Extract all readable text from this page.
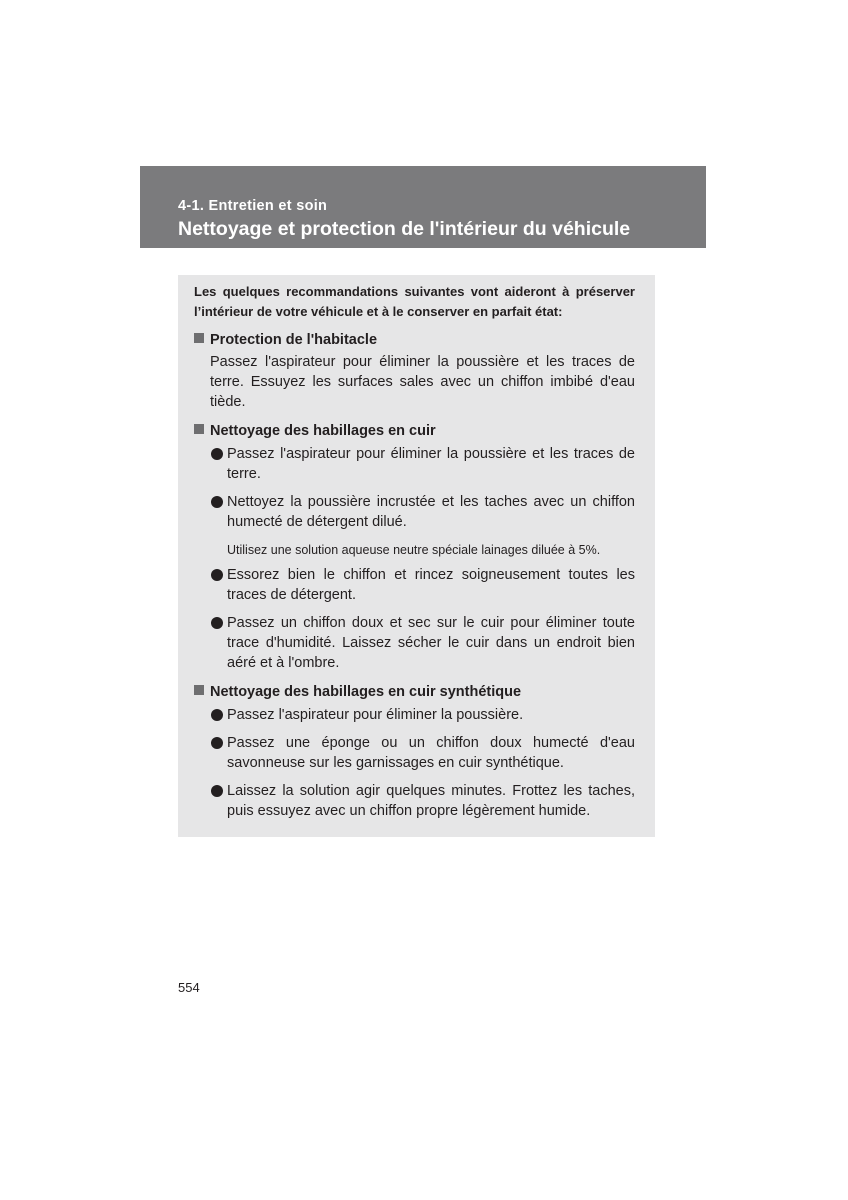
4-1. Entretien et soin
Nettoyage et protection de l'intérieur du véhicule
Les quelques recommandations suivantes vont aideront à préserver l’intérieur de votre véhicule et à le conserver en parfait état:
Protection de l'habitacle
Passez l'aspirateur pour éliminer la poussière et les traces de terre. Essuyez les surfaces sales avec un chiffon imbibé d'eau tiède.
Nettoyage des habillages en cuir
Passez l'aspirateur pour éliminer la poussière et les traces de terre.
Nettoyez la poussière incrustée et les taches avec un chiffon humecté de détergent dilué.
Utilisez une solution aqueuse neutre spéciale lainages diluée à 5%.
Essorez bien le chiffon et rincez soigneusement toutes les traces de détergent.
Passez un chiffon doux et sec sur le cuir pour éliminer toute trace d'humidité. Laissez sécher le cuir dans un endroit bien aéré et à l'ombre.
Nettoyage des habillages en cuir synthétique
Passez l'aspirateur pour éliminer la poussière.
Passez une éponge ou un chiffon doux humecté d'eau savonneuse sur les garnissages en cuir synthétique.
Laissez la solution agir quelques minutes. Frottez les taches, puis essuyez avec un chiffon propre légèrement humide.
554
